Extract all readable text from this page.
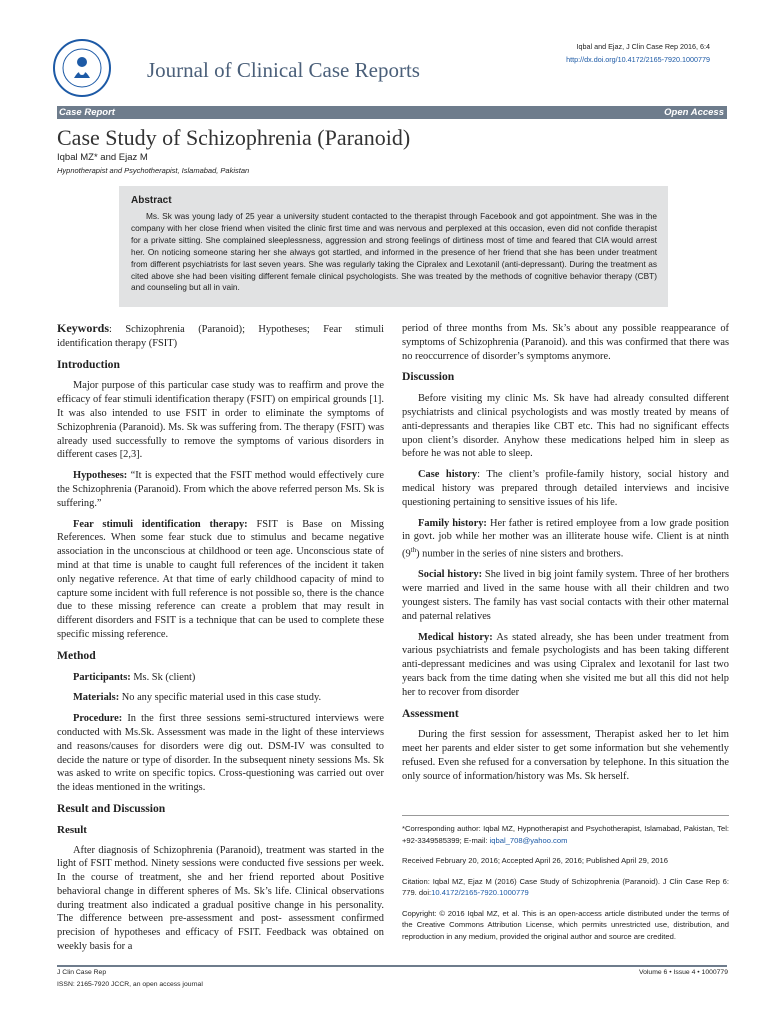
Journal of Clinical Case Reports
Iqbal and Ejaz, J Clin Case Rep 2016, 6:4
http://dx.doi.org/10.4172/2165-7920.1000779
Case Report	Open Access
Case Study of Schizophrenia (Paranoid)
Iqbal MZ* and Ejaz M
Hypnotherapist and Psychotherapist, Islamabad, Pakistan
Abstract

Ms. Sk was young lady of 25 year a university student contacted to the therapist through Facebook and got appointment. She was in the company with her close friend when visited the clinic first time and was nervous and perplexed at this occasion, even did not confide therapist for a private sitting. She complained sleeplessness, aggression and strong feelings of dirtiness most of time and feared that CIA would arrest her. On noticing someone staring her she always got startled, and informed in the presence of her friend that she has been under treatment from different psychiatrists for last seven years. She was regularly taking the Cipralex and Lexotanil (anti-depressant). During the treatment as cited above she had been visiting different female clinical psychologists. She was treated by the methods of cognitive behavior therapy (CBT) and counseling but all in vain.

Keywords: Schizophrenia (Paranoid); Hypotheses; Fear stimuli identification therapy (FSIT)

Introduction

Major purpose of this particular case study was to reaffirm and prove the efficacy of fear stimuli identification therapy (FSIT) on empirical grounds [1]. It was also intended to use FSIT in order to eliminate the symptoms of Schizophrenia (Paranoid). Ms. Sk was suffering from. The therapy (FSIT) was already used successfully to remove the symptoms of various disorders in different cases [2,3].

Hypotheses: “It is expected that the FSIT method would effectively cure the Schizophrenia (Paranoid). From which the above referred person Ms. Sk is suffering.”

Fear stimuli identification therapy: FSIT is Base on Missing References. When some fear stuck due to stimulus and became negative association in the unconscious at childhood or teen age. Unconscious state of mind at that time is unable to caught full references of the incident it taken only negative reference. At that time of early childhood capacity of mind to capture some incident with full reference is not possible so, there is the chance due to these missing reference can create a problem that may result in different disorders and FSIT is a technique that can be used to complete these specific missing reference.

Method

Participants: Ms. Sk (client)

Materials: No any specific material used in this case study.

Procedure: In the first three sessions semi-structured interviews were conducted with Ms.Sk. Assessment was made in the light of these interviews and reasons/causes for disorders were dig out. DSM-IV was consulted to decide the nature or type of disorder. In the subsequent ninety sessions Ms. Sk was asked to write on specific topics. Cross-questioning was carried out over the ideas mentioned in the writings.

Result and Discussion
Result

After diagnosis of Schizophrenia (Paranoid), treatment was started in the light of FSIT method. Ninety sessions were conducted five sessions per week. In the course of treatment, she and her friend reported about Positive behavioral change in different spheres of Ms. Sk’s life. Clinical observations during treatment also indicated a gradual positive change in his personality. The difference between pre-assessment and post- assessment confirmed precision of hypotheses and efficacy of FSIT. Feedback was obtained on weekly basis for a

period of three months from Ms. Sk’s about any possible reappearance of symptoms of Schizophrenia (Paranoid). and this was confirmed that there was no reoccurrence of disorder’s symptoms anymore.

Discussion

Before visiting my clinic Ms. Sk have had already consulted different psychiatrists and clinical psychologists and was mostly treated by means of anti-depressants and therapies like CBT etc. This had no significant effects upon client’s disorder. Anyhow these medications helped him in sleep as before he was not able to sleep.

Case history: The client’s profile-family history, social history and medical history was prepared through detailed interviews and incisive questioning pertaining to sensitive issues of his life.

Family history: Her father is retired employee from a low grade position in govt. job while her mother was an illiterate house wife. Client is at ninth (9th) number in the series of nine sisters and brothers.

Social history: She lived in big joint family system. Three of her brothers were married and lived in the same house with all their children and two youngest sisters. The family has vast social contacts with their other maternal and paternal relatives

Medical history: As stated already, she has been under treatment from various psychiatrists and female psychologists and has been taking different anti-depressant medicines and was using Cipralex and lexotanil for last two years back from the time dating when she visited me but all this did not help her to recover from disorder

Assessment

During the first session for assessment, Therapist asked her to let him meet her parents and elder sister to get some information but she vehemently refused. Even she refused for a conversation by telephone. In this situation the only source of information/history was Ms. Sk herself.

*Corresponding author: Iqbal MZ, Hypnotherapist and Psychotherapist, Islamabad, Pakistan, Tel: +92-3349585399; E-mail: iqbal_708@yahoo.com

Received February 20, 2016; Accepted April 26, 2016; Published April 29, 2016

Citation: Iqbal MZ, Ejaz M (2016) Case Study of Schizophrenia (Paranoid). J Clin Case Rep 6: 779. doi:10.4172/2165-7920.1000779

Copyright: © 2016 Iqbal MZ, et al. This is an open-access article distributed under the terms of the Creative Commons Attribution License, which permits unrestricted use, distribution, and reproduction in any medium, provided the original author and source are credited.

J Clin Case Rep
ISSN: 2165-7920 JCCR, an open access journal
Volume 6 • Issue 4 • 1000779
